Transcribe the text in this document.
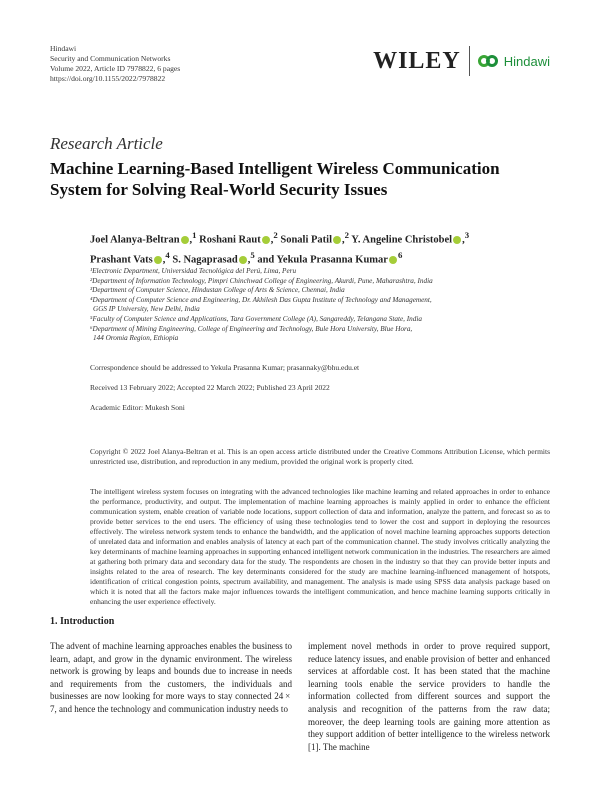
Hindawi
Security and Communication Networks
Volume 2022, Article ID 7978822, 6 pages
https://doi.org/10.1155/2022/7978822
WILEY	Hindawi
Research Article
Machine Learning-Based Intelligent Wireless Communication System for Solving Real-World Security Issues
Joel Alanya-Beltran ,$^1$ Roshani Raut ,$^2$ Sonali Patil ,$^2$ Y. Angeline Christobel ,$^3$
Prashant Vats ,$^4$ S. Nagaprasad ,$^5$ and Yekula Prasanna Kumar $^6$
¹Electronic Department, Universidad Tecnológica del Perú, Lima, Peru
²Department of Information Technology, Pimpri Chinchwad College of Engineering, Akurdi, Pune, Maharashtra, India
³Department of Computer Science, Hindustan College of Arts & Science, Chennai, India
⁴Department of Computer Science and Engineering, Dr. Akhilesh Das Gupta Institute of Technology and Management,
GGS IP University, New Delhi, India
⁵Faculty of Computer Science and Applications, Tara Government College (A), Sangareddy, Telangana State, India
⁶Department of Mining Engineering, College of Engineering and Technology, Bule Hora University, Blue Hora,
144 Oromia Region, Ethiopia
Correspondence should be addressed to Yekula Prasanna Kumar; prasannaky@bhu.edu.et
Received 13 February 2022; Accepted 22 March 2022; Published 23 April 2022
Academic Editor: Mukesh Soni
Copyright © 2022 Joel Alanya-Beltran et al. This is an open access article distributed under the Creative Commons Attribution License, which permits unrestricted use, distribution, and reproduction in any medium, provided the original work is properly cited.
The intelligent wireless system focuses on integrating with the advanced technologies like machine learning and related approaches in order to enhance the performance, productivity, and output. The implementation of machine learning approaches is mainly applied in order to enhance the efficient communication system, enable creation of variable node locations, support collection of data and information, analyze the pattern, and forecast so as to provide better services to the end users. The efficiency of using these technologies tend to lower the cost and support in deploying the resources effectively. The wireless network system tends to enhance the bandwidth, and the application of novel machine learning approaches supports detection of unrelated data and information and enables analysis of latency at each part of the communication channel. The study involves critically analyzing the key determinants of machine learning approaches in supporting enhanced intelligent network communication in the industries. The researchers are aimed at gathering both primary data and secondary data for the study. The respondents are chosen in the industry so that they can provide better inputs and insights related to the area of research. The key determinants considered for the study are machine learning-influenced management of hotspots, identification of critical congestion points, spectrum availability, and management. The analysis is made using SPSS data analysis package based on which it is noted that all the factors make major influences towards the intelligent communication, and hence machine learning supports critically in enhancing the user experience effectively.
1. Introduction
The advent of machine learning approaches enables the business to learn, adapt, and grow in the dynamic environment. The wireless network is growing by leaps and bounds due to increase in needs and requirements from the customers, the individuals and businesses are now looking for more ways to stay connected 24 × 7, and hence the technology and communication industry needs to
implement novel methods in order to prove required support, reduce latency issues, and enable provision of better and enhanced services at affordable cost. It has been stated that the machine learning tools enable the service providers to handle the information collected from different sources and support the analysis and recognition of the patterns from the raw data; moreover, the deep learning tools are gaining more attention as they support addition of better intelligence to the wireless network [1]. The machine
